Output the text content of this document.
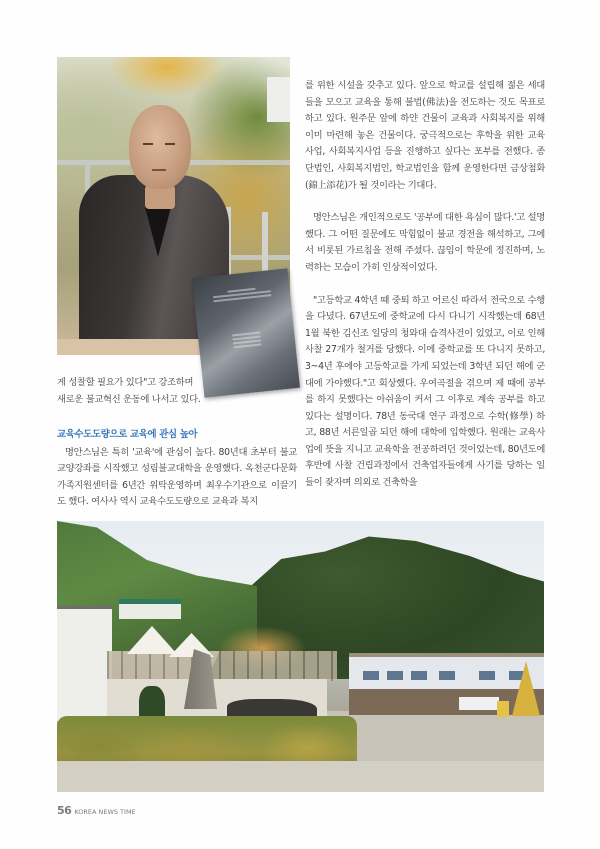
게 성찰할 필요가 있다"고 강조하며

새로운 불교혁신 운동에 나서고 있다.

교육수도도량으로 교육에 관심 높아

명안스님은 특히 '교육'에 관심이 높다. 80년대 초부터 불교교양강좌를 시작했고 성림불교대학을 운영했다. 옥천군다문화가족지원센터를 6년간 위탁운영하며 최우수기관으로 이끌기도 했다. 여사사 역시 교육수도도량으로 교육과 복지

를 위한 시설을 갖추고 있다. 앞으로 학교를 설립해 젊은 세대들을 모으고 교육을 통해 불법(佛法)을 전도하는 것도 목표로 하고 있다. 원주문 앞에 하얀 건물이 교육과 사회복지를 위해 이미 마련해 놓은 건물이다. 궁극적으로는 후학을 위한 교육 사업, 사회복지사업 등을 진행하고 싶다는 포부를 전했다. 종단법인, 사회복지법인, 학교법인을 함께 운영한다면 금상첨화(錦上添花)가 될 것이라는 기대다.

명안스님은 개인적으로도 '공부에 대한 욕심이 많다.'고 설명했다. 그 어떤 질문에도 막힘없이 불교 경전을 해석하고, 그에서 비롯된 가르침을 전해 주셨다. 끊임이 학문에 정진하며, 노력하는 모습이 가히 인상적이었다.

"고등학교 4학년 때 중퇴 하고 어르신 따라서 전국으로 수행을 다녔다. 67년도에 중학교에 다시 다니기 시작했는데 68년 1월 북한 김신조 일당의 청와대 습격사건이 있었고, 이로 인해 사찰 27개가 철거를 당했다. 이에 중학교를 또 다니지 못하고, 3~4년 후에야 고등학교를 가게 되었는데 3학년 되던 해에 군대에 가야했다."고 회상했다. 우여곡절을 겪으며 제 때에 공부를 하지 못했다는 아쉬움이 커서 그 이후로 계속 공부를 하고 있다는 설명이다. 78년 동국대 연구 과정으로 수학(修學) 하고, 88년 서른일곱 되던 해에 대학에 입학했다. 원래는 교육사업에 뜻을 지니고 교육학을 전공하려던 것이었는데, 80년도에 후반에 사찰 건립과정에서 건축업자들에게 사기를 당하는 일들이 잦자며 의외로 건축학을

56 KOREA NEWS TIME
